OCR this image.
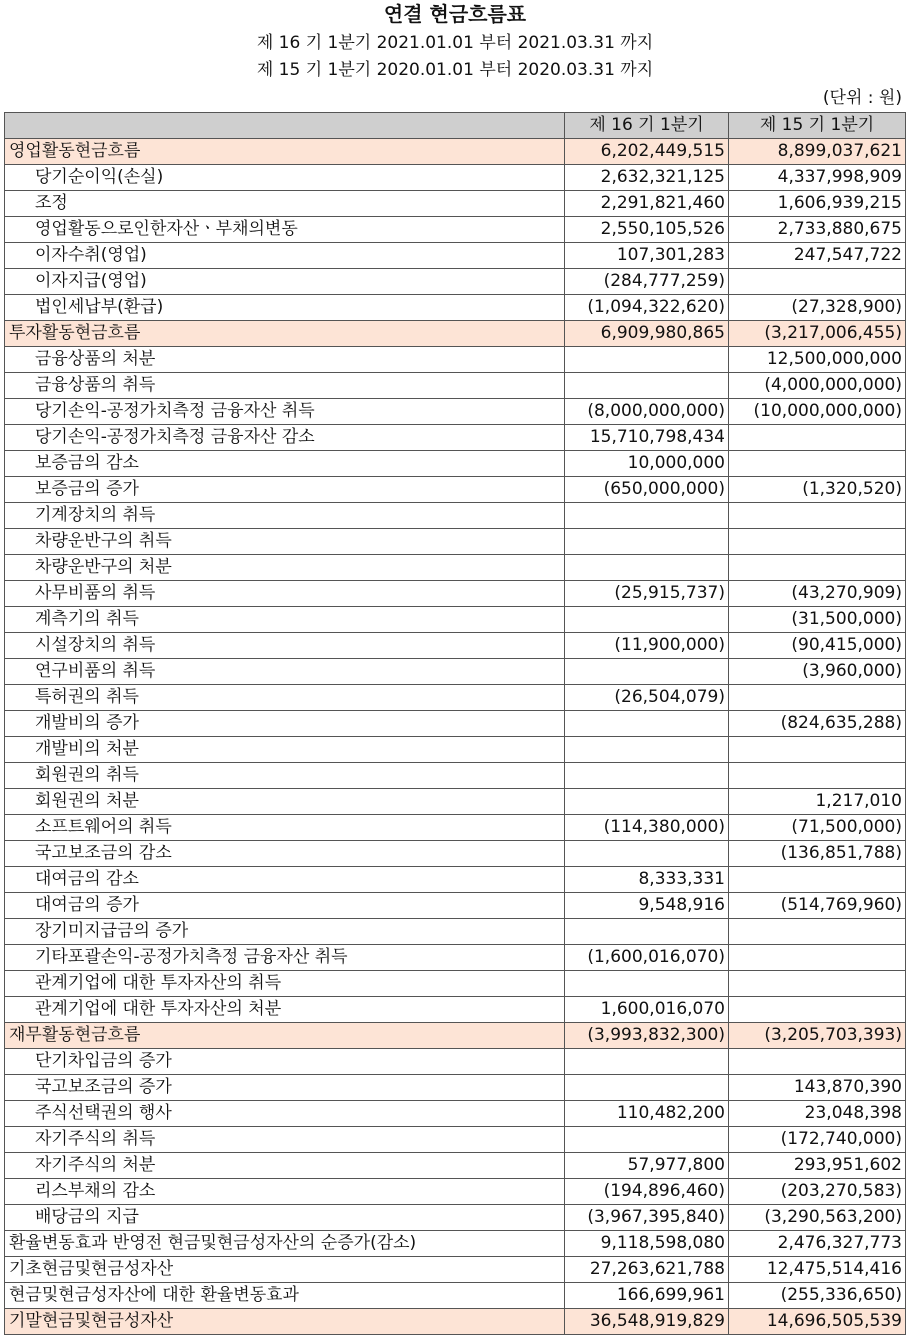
연결 현금흐름표
제 16 기 1분기 2021.01.01 부터 2021.03.31 까지
제 15 기 1분기 2020.01.01 부터 2020.03.31 까지
(단위 : 원)
	제 16 기 1분기	제 15 기 1분기
영업활동현금흐름	6,202,449,515	8,899,037,621
당기순이익(손실)	2,632,321,125	4,337,998,909
조정	2,291,821,460	1,606,939,215
영업활동으로인한자산ㆍ부채의변동	2,550,105,526	2,733,880,675
이자수취(영업)	107,301,283	247,547,722
이자지급(영업)	(284,777,259)	
법인세납부(환급)	(1,094,322,620)	(27,328,900)
투자활동현금흐름	6,909,980,865	(3,217,006,455)
금융상품의 처분		12,500,000,000
금융상품의 취득		(4,000,000,000)
당기손익-공정가치측정 금융자산 취득	(8,000,000,000)	(10,000,000,000)
당기손익-공정가치측정 금융자산 감소	15,710,798,434	
보증금의 감소	10,000,000	
보증금의 증가	(650,000,000)	(1,320,520)
기계장치의 취득		
차량운반구의 취득		
차량운반구의 처분		
사무비품의 취득	(25,915,737)	(43,270,909)
계측기의 취득		(31,500,000)
시설장치의 취득	(11,900,000)	(90,415,000)
연구비품의 취득		(3,960,000)
특허권의 취득	(26,504,079)	
개발비의 증가		(824,635,288)
개발비의 처분		
회원권의 취득		
회원권의 처분		1,217,010
소프트웨어의 취득	(114,380,000)	(71,500,000)
국고보조금의 감소		(136,851,788)
대여금의 감소	8,333,331	
대여금의 증가	9,548,916	(514,769,960)
장기미지급금의 증가		
기타포괄손익-공정가치측정 금융자산 취득	(1,600,016,070)	
관계기업에 대한 투자자산의 취득		
관계기업에 대한 투자자산의 처분	1,600,016,070	
재무활동현금흐름	(3,993,832,300)	(3,205,703,393)
단기차입금의 증가		
국고보조금의 증가		143,870,390
주식선택권의 행사	110,482,200	23,048,398
자기주식의 취득		(172,740,000)
자기주식의 처분	57,977,800	293,951,602
리스부채의 감소	(194,896,460)	(203,270,583)
배당금의 지급	(3,967,395,840)	(3,290,563,200)
환율변동효과 반영전 현금및현금성자산의 순증가(감소)	9,118,598,080	2,476,327,773
기초현금및현금성자산	27,263,621,788	12,475,514,416
현금및현금성자산에 대한 환율변동효과	166,699,961	(255,336,650)
기말현금및현금성자산	36,548,919,829	14,696,505,539
